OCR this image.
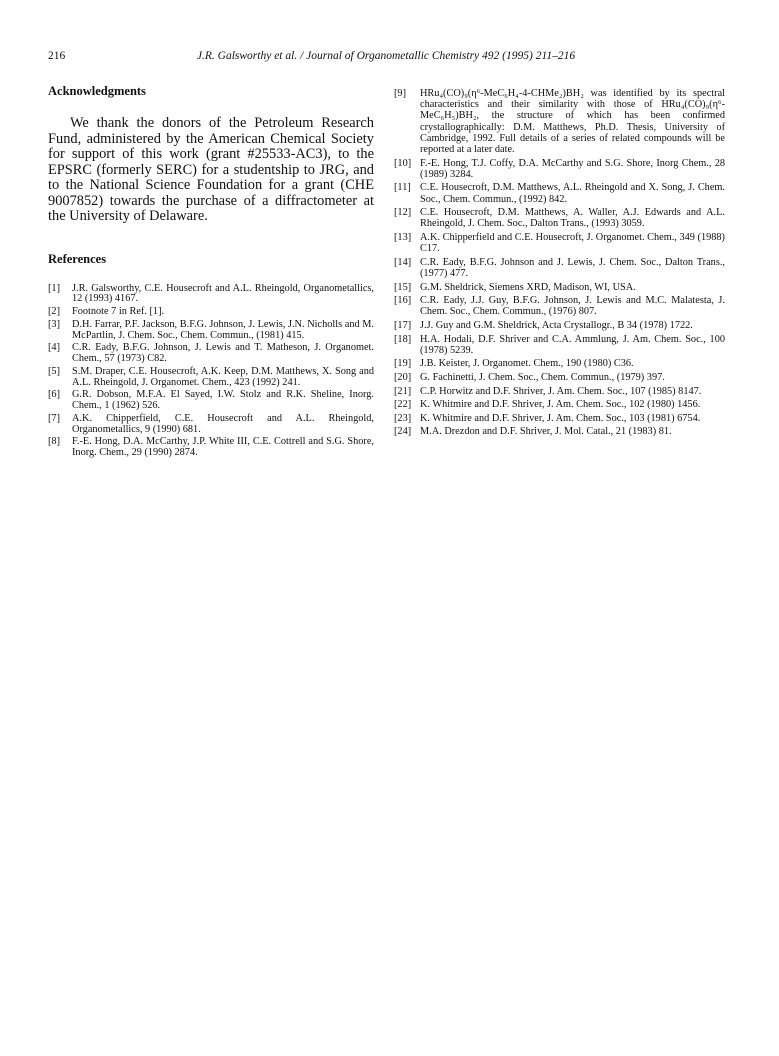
216	J.R. Galsworthy et al. / Journal of Organometallic Chemistry 492 (1995) 211–216
Acknowledgments

We thank the donors of the Petroleum Research Fund, administered by the American Chemical Society for support of this work (grant #25533-AC3), to the EPSRC (formerly SERC) for a studentship to JRG, and to the National Science Foundation for a grant (CHE 9007852) towards the purchase of a diffractometer at the University of Delaware.

References
[1] J.R. Galsworthy, C.E. Housecroft and A.L. Rheingold, Organometallics, 12 (1993) 4167.
[2] Footnote 7 in Ref. [1].
[3] D.H. Farrar, P.F. Jackson, B.F.G. Johnson, J. Lewis, J.N. Nicholls and M. McPartlin, J. Chem. Soc., Chem. Commun., (1981) 415.
[4] C.R. Eady, B.F.G. Johnson, J. Lewis and T. Matheson, J. Organomet. Chem., 57 (1973) C82.
[5] S.M. Draper, C.E. Housecroft, A.K. Keep, D.M. Matthews, X. Song and A.L. Rheingold, J. Organomet. Chem., 423 (1992) 241.
[6] G.R. Dobson, M.F.A. El Sayed, I.W. Stolz and R.K. Sheline, Inorg. Chem., 1 (1962) 526.
[7] A.K. Chipperfield, C.E. Housecroft and A.L. Rheingold, Organometallics, 9 (1990) 681.
[8] F.-E. Hong, D.A. McCarthy, J.P. White III, C.E. Cottrell and S.G. Shore, Inorg. Chem., 29 (1990) 2874.
[9] HRu₄(CO)₉(η⁶-MeC₆H₄-4-CHMe₂)BH₂ was identified by its spectral characteristics and their similarity with those of HRu₄(CO)₉(η⁶-MeC₆H₅)BH₂, the structure of which has been confirmed crystallographically: D.M. Matthews, Ph.D. Thesis, University of Cambridge, 1992. Full details of a series of related compounds will be reported at a later date.
[10] F.-E. Hong, T.J. Coffy, D.A. McCarthy and S.G. Shore, Inorg Chem., 28 (1989) 3284.
[11] C.E. Housecroft, D.M. Matthews, A.L. Rheingold and X. Song, J. Chem. Soc., Chem. Commun., (1992) 842.
[12] C.E. Housecroft, D.M. Matthews, A. Waller, A.J. Edwards and A.L. Rheingold, J. Chem. Soc., Dalton Trans., (1993) 3059.
[13] A.K. Chipperfield and C.E. Housecroft, J. Organomet. Chem., 349 (1988) C17.
[14] C.R. Eady, B.F.G. Johnson and J. Lewis, J. Chem. Soc., Dalton Trans., (1977) 477.
[15] G.M. Sheldrick, Siemens XRD, Madison, WI, USA.
[16] C.R. Eady, J.J. Guy, B.F.G. Johnson, J. Lewis and M.C. Malatesta, J. Chem. Soc., Chem. Commun., (1976) 807.
[17] J.J. Guy and G.M. Sheldrick, Acta Crystallogr., B 34 (1978) 1722.
[18] H.A. Hodali, D.F. Shriver and C.A. Ammlung, J. Am. Chem. Soc., 100 (1978) 5239.
[19] J.B. Keister, J. Organomet. Chem., 190 (1980) C36.
[20] G. Fachinetti, J. Chem. Soc., Chem. Commun., (1979) 397.
[21] C.P. Horwitz and D.F. Shriver, J. Am. Chem. Soc., 107 (1985) 8147.
[22] K. Whitmire and D.F. Shriver, J. Am. Chem. Soc., 102 (1980) 1456.
[23] K. Whitmire and D.F. Shriver, J. Am. Chem. Soc., 103 (1981) 6754.
[24] M.A. Drezdon and D.F. Shriver, J. Mol. Catal., 21 (1983) 81.
